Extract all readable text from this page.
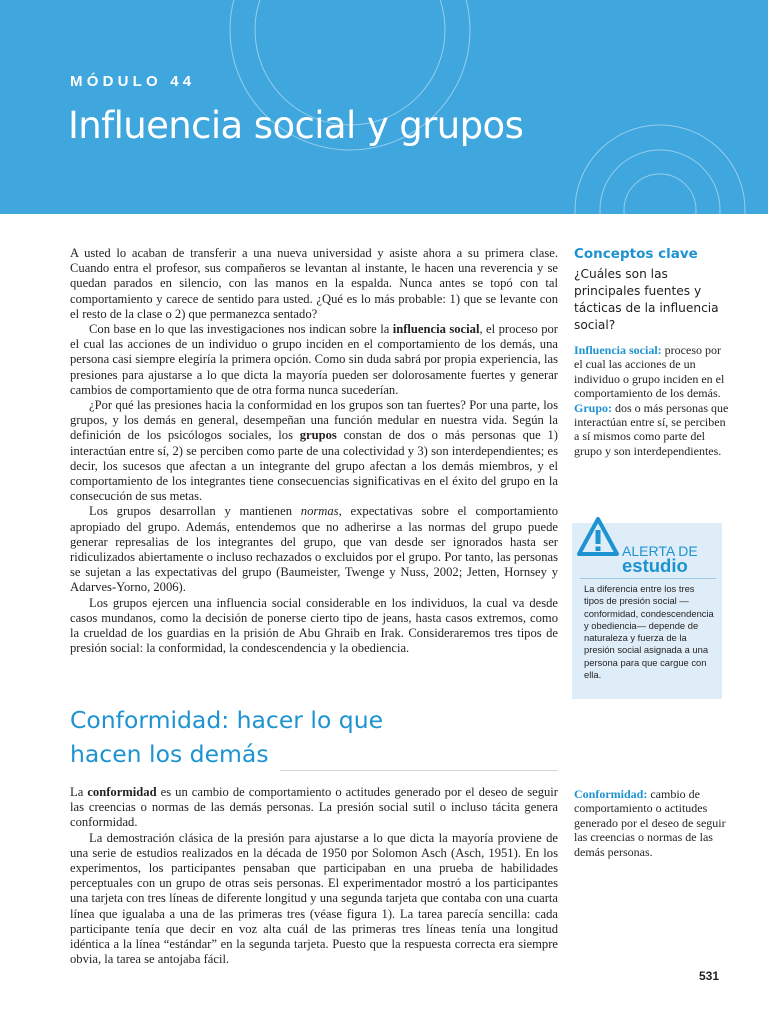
MÓDULO 44
Influencia social y grupos

A usted lo acaban de transferir a una nueva universidad y asiste ahora a su primera clase. Cuando entra el profesor, sus compañeros se levantan al instante, le hacen una reverencia y se quedan parados en silencio, con las manos en la espalda. Nunca antes se topó con tal comportamiento y carece de sentido para usted. ¿Qué es lo más probable: 1) que se levante con el resto de la clase o 2) que permanezca sentado?

Con base en lo que las investigaciones nos indican sobre la influencia social, el proceso por el cual las acciones de un individuo o grupo inciden en el comportamiento de los demás, una persona casi siempre elegiría la primera opción. Como sin duda sabrá por propia experiencia, las presiones para ajustarse a lo que dicta la mayoría pueden ser dolorosamente fuertes y generar cambios de comportamiento que de otra forma nunca sucederían.

¿Por qué las presiones hacia la conformidad en los grupos son tan fuertes? Por una parte, los grupos, y los demás en general, desempeñan una función medular en nuestra vida. Según la definición de los psicólogos sociales, los grupos constan de dos o más personas que 1) interactúan entre sí, 2) se perciben como parte de una colectividad y 3) son interdependientes; es decir, los sucesos que afectan a un integrante del grupo afectan a los demás miembros, y el comportamiento de los integrantes tiene consecuencias significativas en el éxito del grupo en la consecución de sus metas.

Los grupos desarrollan y mantienen normas, expectativas sobre el comportamiento apropiado del grupo. Además, entendemos que no adherirse a las normas del grupo puede generar represalias de los integrantes del grupo, que van desde ser ignorados hasta ser ridiculizados abiertamente o incluso rechazados o excluidos por el grupo. Por tanto, las personas se sujetan a las expectativas del grupo (Baumeister, Twenge y Nuss, 2002; Jetten, Hornsey y Adarves-Yorno, 2006).

Los grupos ejercen una influencia social considerable en los individuos, la cual va desde casos mundanos, como la decisión de ponerse cierto tipo de jeans, hasta casos extremos, como la crueldad de los guardias en la prisión de Abu Ghraib en Irak. Consideraremos tres tipos de presión social: la conformidad, la condescendencia y la obediencia.

Conformidad: hacer lo que
hacen los demás

La conformidad es un cambio de comportamiento o actitudes generado por el deseo de seguir las creencias o normas de las demás personas. La presión social sutil o incluso tácita genera conformidad.

La demostración clásica de la presión para ajustarse a lo que dicta la mayoría proviene de una serie de estudios realizados en la década de 1950 por Solomon Asch (Asch, 1951). En los experimentos, los participantes pensaban que participaban en una prueba de habilidades perceptuales con un grupo de otras seis personas. El experimentador mostró a los participantes una tarjeta con tres líneas de diferente longitud y una segunda tarjeta que contaba con una cuarta línea que igualaba a una de las primeras tres (véase figura 1). La tarea parecía sencilla: cada participante tenía que decir en voz alta cuál de las primeras tres líneas tenía una longitud idéntica a la línea “estándar” en la segunda tarjeta. Puesto que la respuesta correcta era siempre obvia, la tarea se antojaba fácil.

Conceptos clave
¿Cuáles son las principales fuentes y tácticas de la influencia social?
Influencia social: proceso por el cual las acciones de un individuo o grupo inciden en el comportamiento de los demás.
Grupo: dos o más personas que interactúan entre sí, se perciben a sí mismos como parte del grupo y son interdependientes.
ALERTA DE
estudio
La diferencia entre los tres tipos de presión social —conformidad, condescendencia y obediencia— depende de naturaleza y fuerza de la presión social asignada a una persona para que cargue con ella.
Conformidad: cambio de comportamiento o actitudes generado por el deseo de seguir las creencias o normas de las demás personas.
531
